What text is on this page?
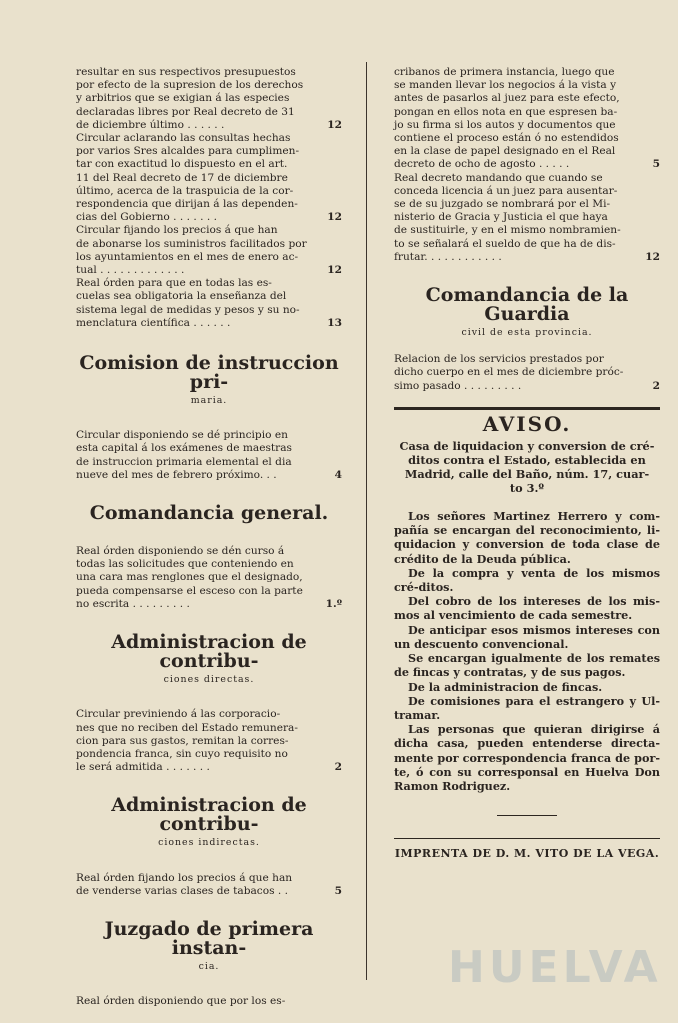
resultar en sus respectivos presupuestos
por efecto de la supresion de los derechos
y arbitrios que se exigian á las especies
declaradas libres por Real decreto de 31
de diciembre último . . . . . .	12
Circular aclarando las consultas hechas
por varios Sres alcaldes para cumplimen-
tar con exactitud lo dispuesto en el art.
11 del Real decreto de 17 de diciembre
último, acerca de la traspuicia de la cor-
respondencia que dirijan á las dependen-
cias del Gobierno . . . . . . .	12
Circular fijando los precios á que han
de abonarse los suministros facilitados por
los ayuntamientos en el mes de enero ac-
tual . . . . . . . . . . . . .	12
Real órden para que en todas las es-
cuelas sea obligatoria la enseñanza del
sistema legal de medidas y pesos y su no-
menclatura científica . . . . . .	13
Comision de instruccion pri-
maria.
Circular disponiendo se dé principio en
esta capital á los exámenes de maestras
de instruccion primaria elemental el dia
nueve del mes de febrero próximo. . .	4
Comandancia general.
Real órden disponiendo se dén curso á
todas las solicitudes que conteniendo en
una cara mas renglones que el designado,
pueda compensarse el esceso con la parte
no escrita . . . . . . . . .	1.º
Administracion de contribu-
ciones directas.
Circular previniendo á las corporacio-
nes que no reciben del Estado remunera-
cion para sus gastos, remitan la corres-
pondencia franca, sin cuyo requisito no
le será admitida . . . . . . .	2
Administracion de contribu-
ciones indirectas.
Real órden fijando los precios á que han
de venderse varias clases de tabacos . .	5
Juzgado de primera instan-
cia.
Real órden disponiendo que por los es-
cribanos de primera instancia, luego que
se manden llevar los negocios á la vista y
antes de pasarlos al juez para este efecto,
pongan en ellos nota en que espresen ba-
jo su firma si los autos y documentos que
contiene el proceso están ó no estendidos
en la clase de papel designado en el Real
decreto de ocho de agosto . . . . .	5
Real decreto mandando que cuando se
conceda licencia á un juez para ausentar-
se de su juzgado se nombrará por el Mi-
nisterio de Gracia y Justicia el que haya
de sustituirle, y en el mismo nombramien-
to se señalará el sueldo de que ha de dis-
frutar. . . . . . . . . . . .	12
Comandancia de la Guardia
civil de esta provincia.
Relacion de los servicios prestados por
dicho cuerpo en el mes de diciembre próc-
simo pasado . . . . . . . . .	2
AVISO.
Casa de liquidacion y conversion de cré-
ditos contra el Estado, establecida en
Madrid, calle del Baño, núm. 17, cuar-
to 3.º

Los señores Martinez Herrero y com-pañía se encargan del reconocimiento, li-quidacion y conversion de toda clase de crédito de la Deuda pública.

De la compra y venta de los mismos cré-ditos.

Del cobro de los intereses de los mis-mos al vencimiento de cada semestre.

De anticipar esos mismos intereses con un descuento convencional.

Se encargan igualmente de los remates de fincas y contratas, y de sus pagos.

De la administracion de fincas.

De comisiones para el estrangero y Ul-tramar.

Las personas que quieran dirigirse á dicha casa, pueden entenderse directa-mente por correspondencia franca de por-te, ó con su corresponsal en Huelva Don Ramon Rodriguez.

IMPRENTA DE D. M. VITO DE LA VEGA.
HUELVA
